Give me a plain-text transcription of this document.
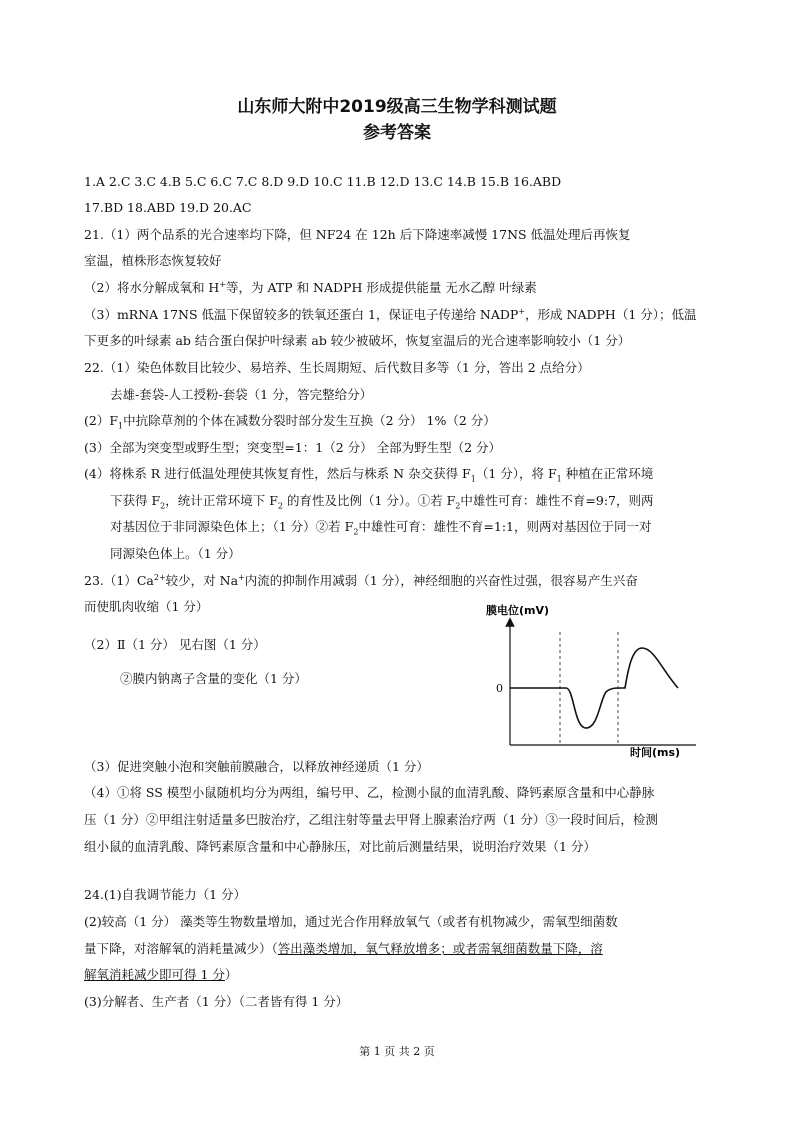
山东师大附中2019级高三生物学科测试题
参考答案
1.A 2.C 3.C 4.B 5.C 6.C 7.C 8.D 9.D 10.C 11.B 12.D 13.C 14.B 15.B 16.ABD
17.BD 18.ABD 19.D 20.AC
21.（1）两个品系的光合速率均下降，但 NF24 在 12h 后下降速率减慢 17NS 低温处理后再恢复
室温，植株形态恢复较好
（2）将水分解成氧和 H+等，为 ATP 和 NADPH 形成提供能量 无水乙醇 叶绿素
（3）mRNA 17NS 低温下保留较多的铁氧还蛋白 1，保证电子传递给 NADP+，形成 NADPH（1 分）；低温
下更多的叶绿素 ab 结合蛋白保护叶绿素 ab 较少被破坏，恢复室温后的光合速率影响较小（1 分）
22.（1）染色体数目比较少、易培养、生长周期短、后代数目多等（1 分，答出 2 点给分）
去雄-套袋-人工授粉-套袋（1 分，答完整给分）
$(2)F_1$中抗除草剂的个体在减数分裂时部分发生互换（2 分） 1%（2 分）
(3）全部为突变型或野生型；突变型=1：1（2 分） 全部为野生型（2 分）
(4）将株系 R 进行低温处理使其恢复育性，然后与株系 N 杂交获得 $F_1(1$ 分），将 $F_1$ 种植在正常环境
下获得 $F_2$，统计正常环境下 $F_2$ 的育性及比例（1 分）。①若 $F_2$中雄性可育：雄性不育=9:7，则两
对基因位于非同源染色体上；（1 分）②若 $F_2$中雄性可育：雄性不育=1:1，则两对基因位于同一对
同源染色体上。（1 分）
$23.(1)Ca^{2+}$较少，对 Na+内流的抑制作用减弱（1 分），神经细胞的兴奋性过强，很容易产生兴奋
而使肌肉收缩（1 分）
（2）Ⅱ（1 分） 见右图（1 分）
②膜内钠离子含量的变化（1 分）
膜电位(mV)
0
时间(ms)
（3）促进突触小泡和突触前膜融合，以释放神经递质（1 分）
（4）①将 SS 模型小鼠随机均分为两组，编号甲、乙，检测小鼠的血清乳酸、降钙素原含量和中心静脉
压（1 分）②甲组注射适量多巴胺治疗，乙组注射等量去甲肾上腺素治疗两（1 分）③一段时间后，检测
组小鼠的血清乳酸、降钙素原含量和中心静脉压，对比前后测量结果，说明治疗效果（1 分）
24.(1)自我调节能力（1 分）
(2)较高（1 分） 藻类等生物数量增加，通过光合作用释放氧气（或者有机物减少，需氧型细菌数
量下降，对溶解氧的消耗量减少）（答出藻类增加，氧气释放增多；或者需氧细菌数量下降，溶
解氧消耗减少即可得 1 分）
(3)分解者、生产者（1 分）（二者皆有得 1 分）
第 1 页 共 2 页
